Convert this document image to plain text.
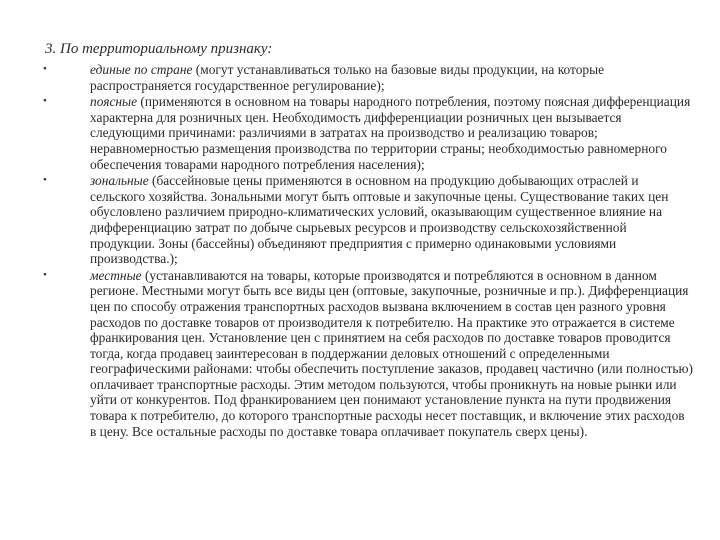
3. По территориальному признаку:
•	единые по стране (могут устанавливаться только на базовые виды продукции, на которые распространяется государственное регулирование);
•	поясные (применяются в основном на товары народного потребления, поэтому поясная дифференциация характерна для розничных цен. Необходимость дифференциации розничных цен вызывается следующими причинами: различиями в затратах на производство и реализацию товаров; неравномерностью размещения производства по территории страны; необходимостью равномерного обеспечения товарами народного потребления населения);
•	зональные (бассейновые цены применяются в основном на продукцию добывающих отраслей и сельского хозяйства. Зональными могут быть оптовые и закупочные цены. Существование таких цен обусловлено различием природно-климатических условий, оказывающим существенное влияние на дифференциацию затрат по добыче сырьевых ресурсов и производству сельскохозяйственной продукции. Зоны (бассейны) объединяют предприятия с примерно одинаковыми условиями производства.);
•	местные (устанавливаются на товары, которые производятся и потребляются в основном в данном регионе. Местными могут быть все виды цен (оптовые, закупочные, розничные и пр.). Дифференциация цен по способу отражения транспортных расходов вызвана включением в состав цен разного уровня расходов по доставке товаров от производителя к потребителю. На практике это отражается в системе франкирования цен. Установление цен с принятием на себя расходов по доставке товаров проводится тогда, когда продавец заинтересован в поддержании деловых отношений с определенными географическими районами: чтобы обеспечить поступление заказов, продавец частично (или полностью) оплачивает транспортные расходы. Этим методом пользуются, чтобы проникнуть на новые рынки или уйти от конкурентов. Под франкированием цен понимают установление пункта на пути продвижения товара к потребителю, до которого транспортные расходы несет поставщик, и включение этих расходов в цену. Все остальные расходы по доставке товара оплачивает покупатель сверх цены).
